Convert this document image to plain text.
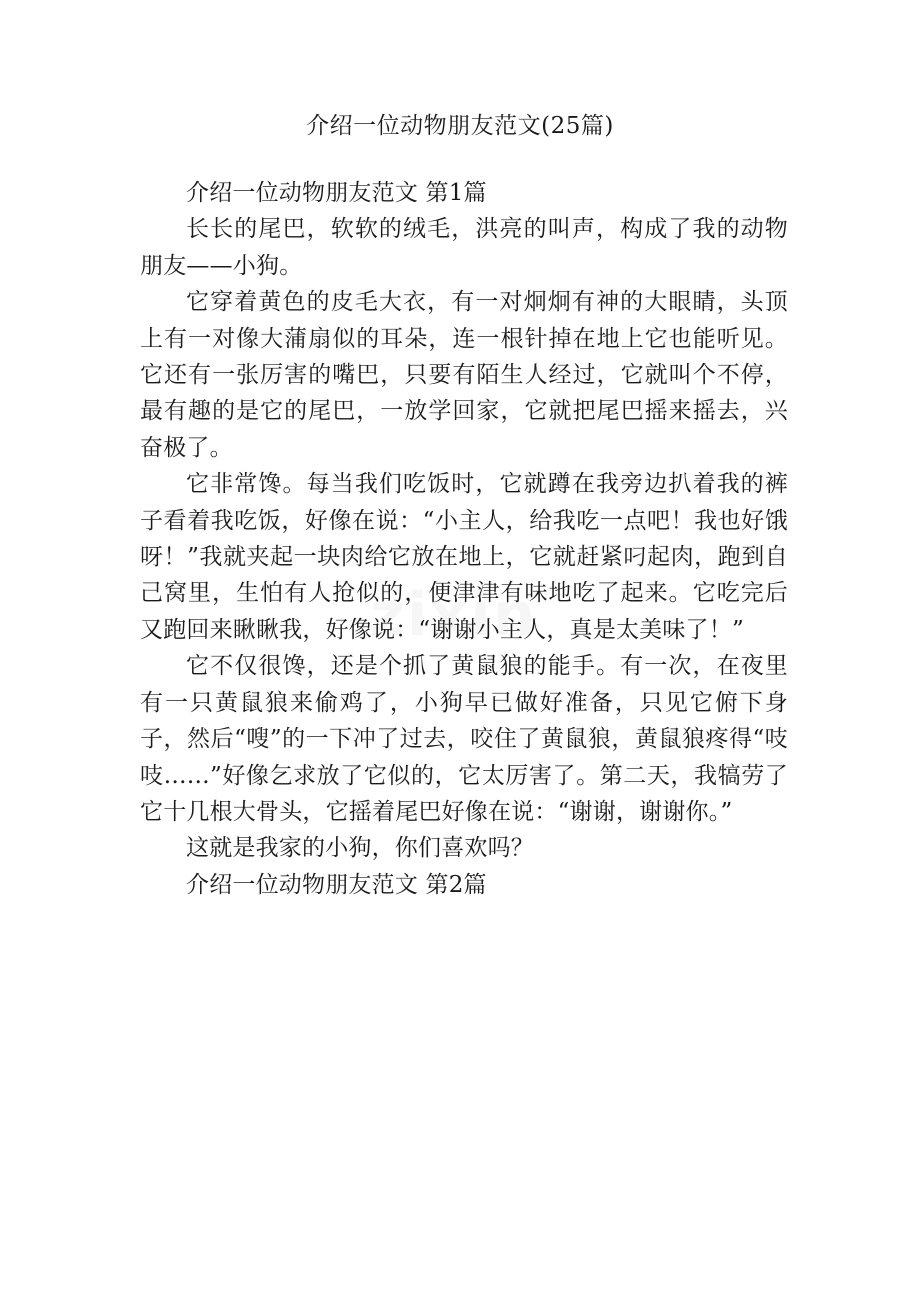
介绍一位动物朋友范文(25篇)

介绍一位动物朋友范文 第1篇

长长的尾巴，软软的绒毛，洪亮的叫声，构成了我的动物朋友——小狗。

它穿着黄色的皮毛大衣，有一对炯炯有神的大眼睛，头顶上有一对像大蒲扇似的耳朵，连一根针掉在地上它也能听见。它还有一张厉害的嘴巴，只要有陌生人经过，它就叫个不停，最有趣的是它的尾巴，一放学回家，它就把尾巴摇来摇去，兴奋极了。

它非常馋。每当我们吃饭时，它就蹲在我旁边扒着我的裤子看着我吃饭，好像在说：“小主人，给我吃一点吧！我也好饿呀！”我就夹起一块肉给它放在地上，它就赶紧叼起肉，跑到自己窝里，生怕有人抢似的，便津津有味地吃了起来。它吃完后又跑回来瞅瞅我，好像说：“谢谢小主人，真是太美味了！”

它不仅很馋，还是个抓了黄鼠狼的能手。有一次，在夜里有一只黄鼠狼来偷鸡了，小狗早已做好准备，只见它俯下身子，然后“嗖”的一下冲了过去，咬住了黄鼠狼，黄鼠狼疼得“吱吱……”好像乞求放了它似的，它太厉害了。第二天，我犒劳了它十几根大骨头，它摇着尾巴好像在说：“谢谢，谢谢你。”

这就是我家的小狗，你们喜欢吗？

介绍一位动物朋友范文 第2篇
